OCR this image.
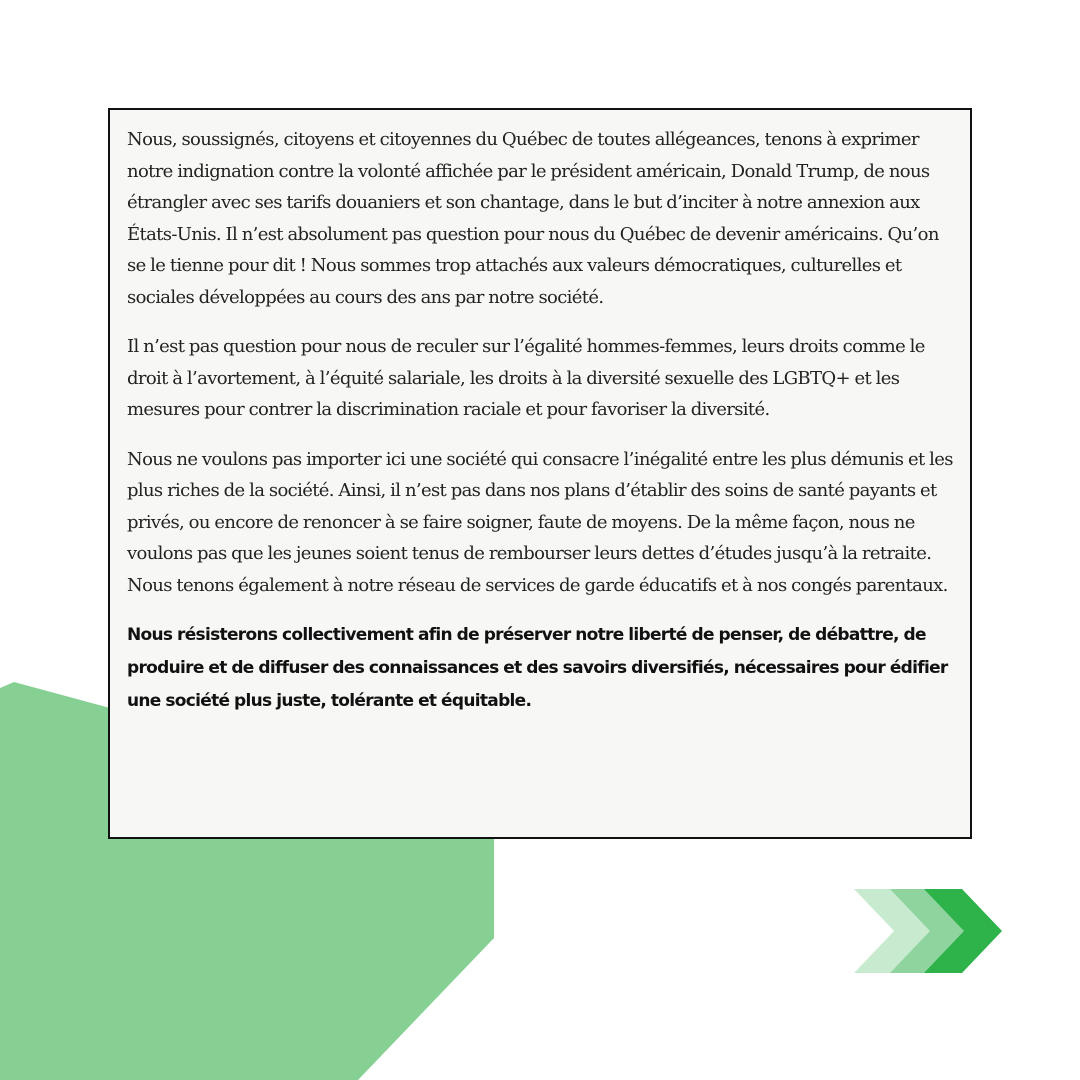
Nous, soussignés, citoyens et citoyennes du Québec de toutes allégeances, tenons à exprimer notre indignation contre la volonté affichée par le président américain, Donald Trump, de nous étrangler avec ses tarifs douaniers et son chantage, dans le but d’inciter à notre annexion aux États-Unis. Il n’est absolument pas question pour nous du Québec de devenir américains. Qu’on se le tienne pour dit ! Nous sommes trop attachés aux valeurs démocratiques, culturelles et sociales développées au cours des ans par notre société.

Il n’est pas question pour nous de reculer sur l’égalité hommes-femmes, leurs droits comme le droit à l’avortement, à l’équité salariale, les droits à la diversité sexuelle des LGBTQ+ et les mesures pour contrer la discrimination raciale et pour favoriser la diversité.

Nous ne voulons pas importer ici une société qui consacre l’inégalité entre les plus démunis et les plus riches de la société. Ainsi, il n’est pas dans nos plans d’établir des soins de santé payants et privés, ou encore de renoncer à se faire soigner, faute de moyens. De la même façon, nous ne voulons pas que les jeunes soient tenus de rembourser leurs dettes d’études jusqu’à la retraite. Nous tenons également à notre réseau de services de garde éducatifs et à nos congés parentaux.

Nous résisterons collectivement afin de préserver notre liberté de penser, de débattre, de produire et de diffuser des connaissances et des savoirs diversifiés, nécessaires pour édifier une société plus juste, tolérante et équitable.
